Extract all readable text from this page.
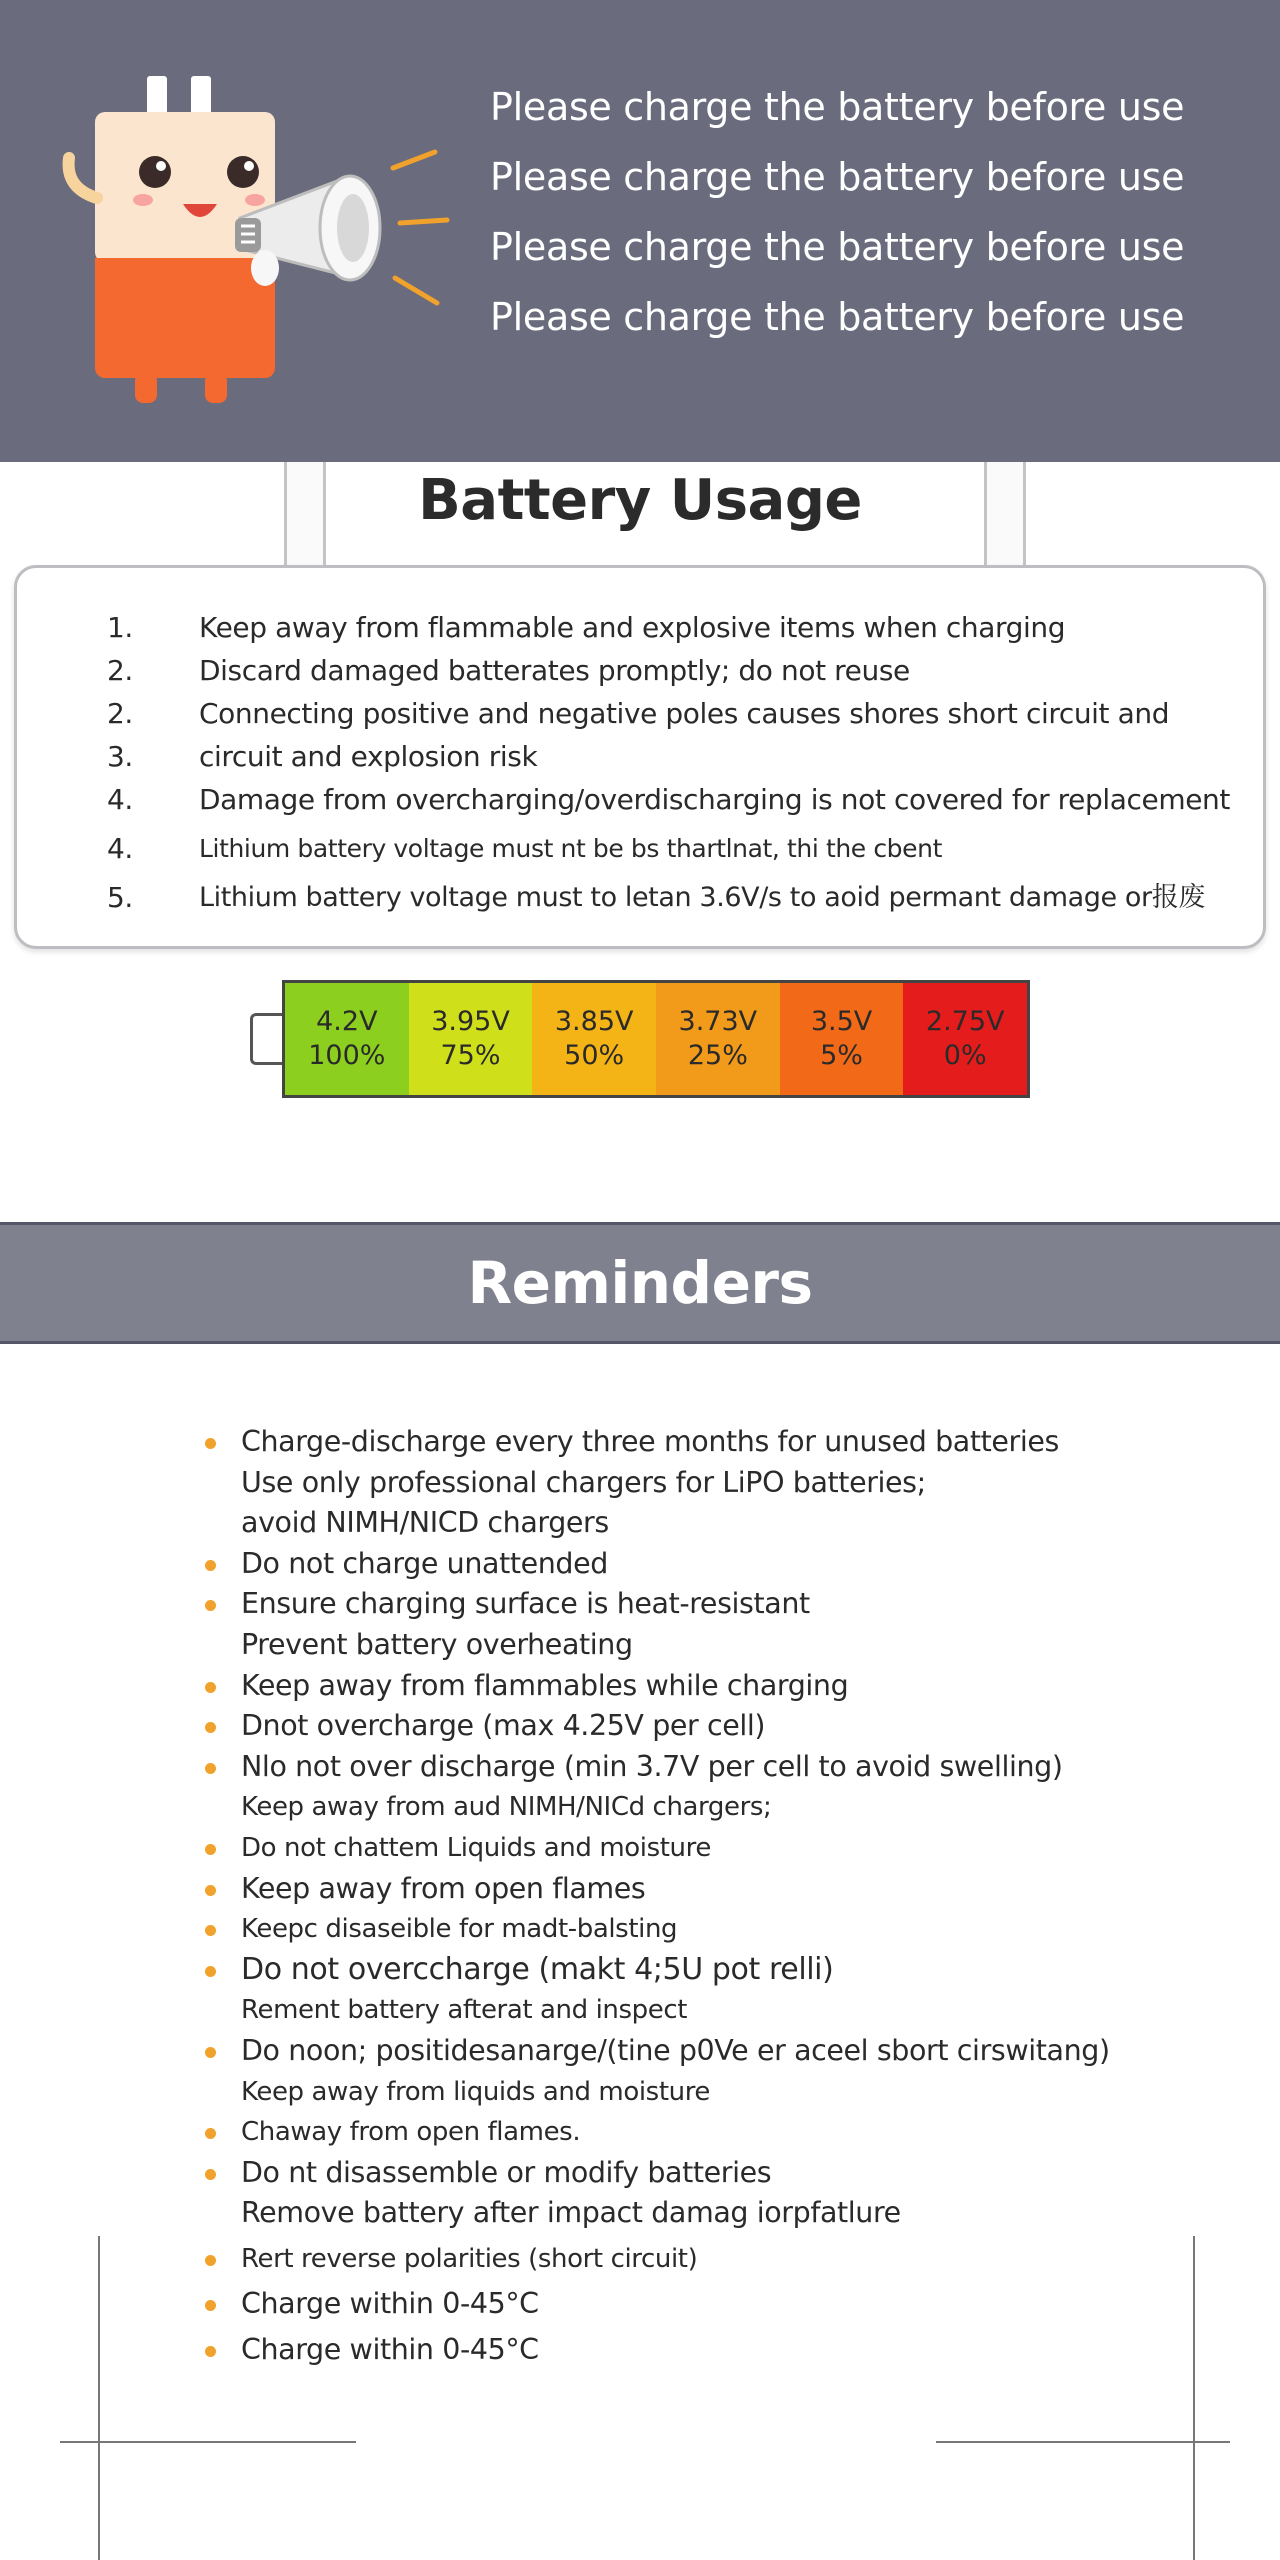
Please charge the battery before use
Please charge the battery before use
Please charge the battery before use
Please charge the battery before use
Battery Usage
1.	Keep away from flammable and explosive items when charging
2.	Discard damaged batterates promptly; do not reuse
2.	Connecting positive and negative poles causes shores short circuit and
3.	circuit and explosion risk
4.	Damage from overcharging/overdischarging is not covered for replacement
4.	Lithium battery voltage must nt be bs thartlnat, thi the cbent
5.	Lithium battery voltage must to letan 3.6V/s to aoid permant damage or报废
4.2V
100%
3.95V
75%
3.85V
50%
3.73V
25%
3.5V
5%
2.75V
0%
Reminders
Charge-discharge every three months for unused batteries
Use only professional chargers for LiPO batteries;
avoid NIMH/NICD chargers
Do not charge unattended
Ensure charging surface is heat-resistant
Prevent battery overheating
Keep away from flammables while charging
Dnot overcharge (max 4.25V per cell)
Nlo not over discharge (min 3.7V per cell to avoid swelling)
Keep away from aud NIMH/NICd chargers;
Do not chattem Liquids and moisture
Keep away from open flames
Keepc disaseible for madt-balsting
Do not overccharge (makt 4;5U pot relli)
Rement battery afterat and inspect
Do noon; positidesanarge/(tine p0Ve er aceel sbort cirswitang)
Keep away from liquids and moisture
Chaway from open flames.
Do nt disassemble or modify batteries
Remove battery after impact damag iorpfatlure
Rert reverse polarities (short circuit)
Charge within 0-45°C
Charge within 0-45°C
